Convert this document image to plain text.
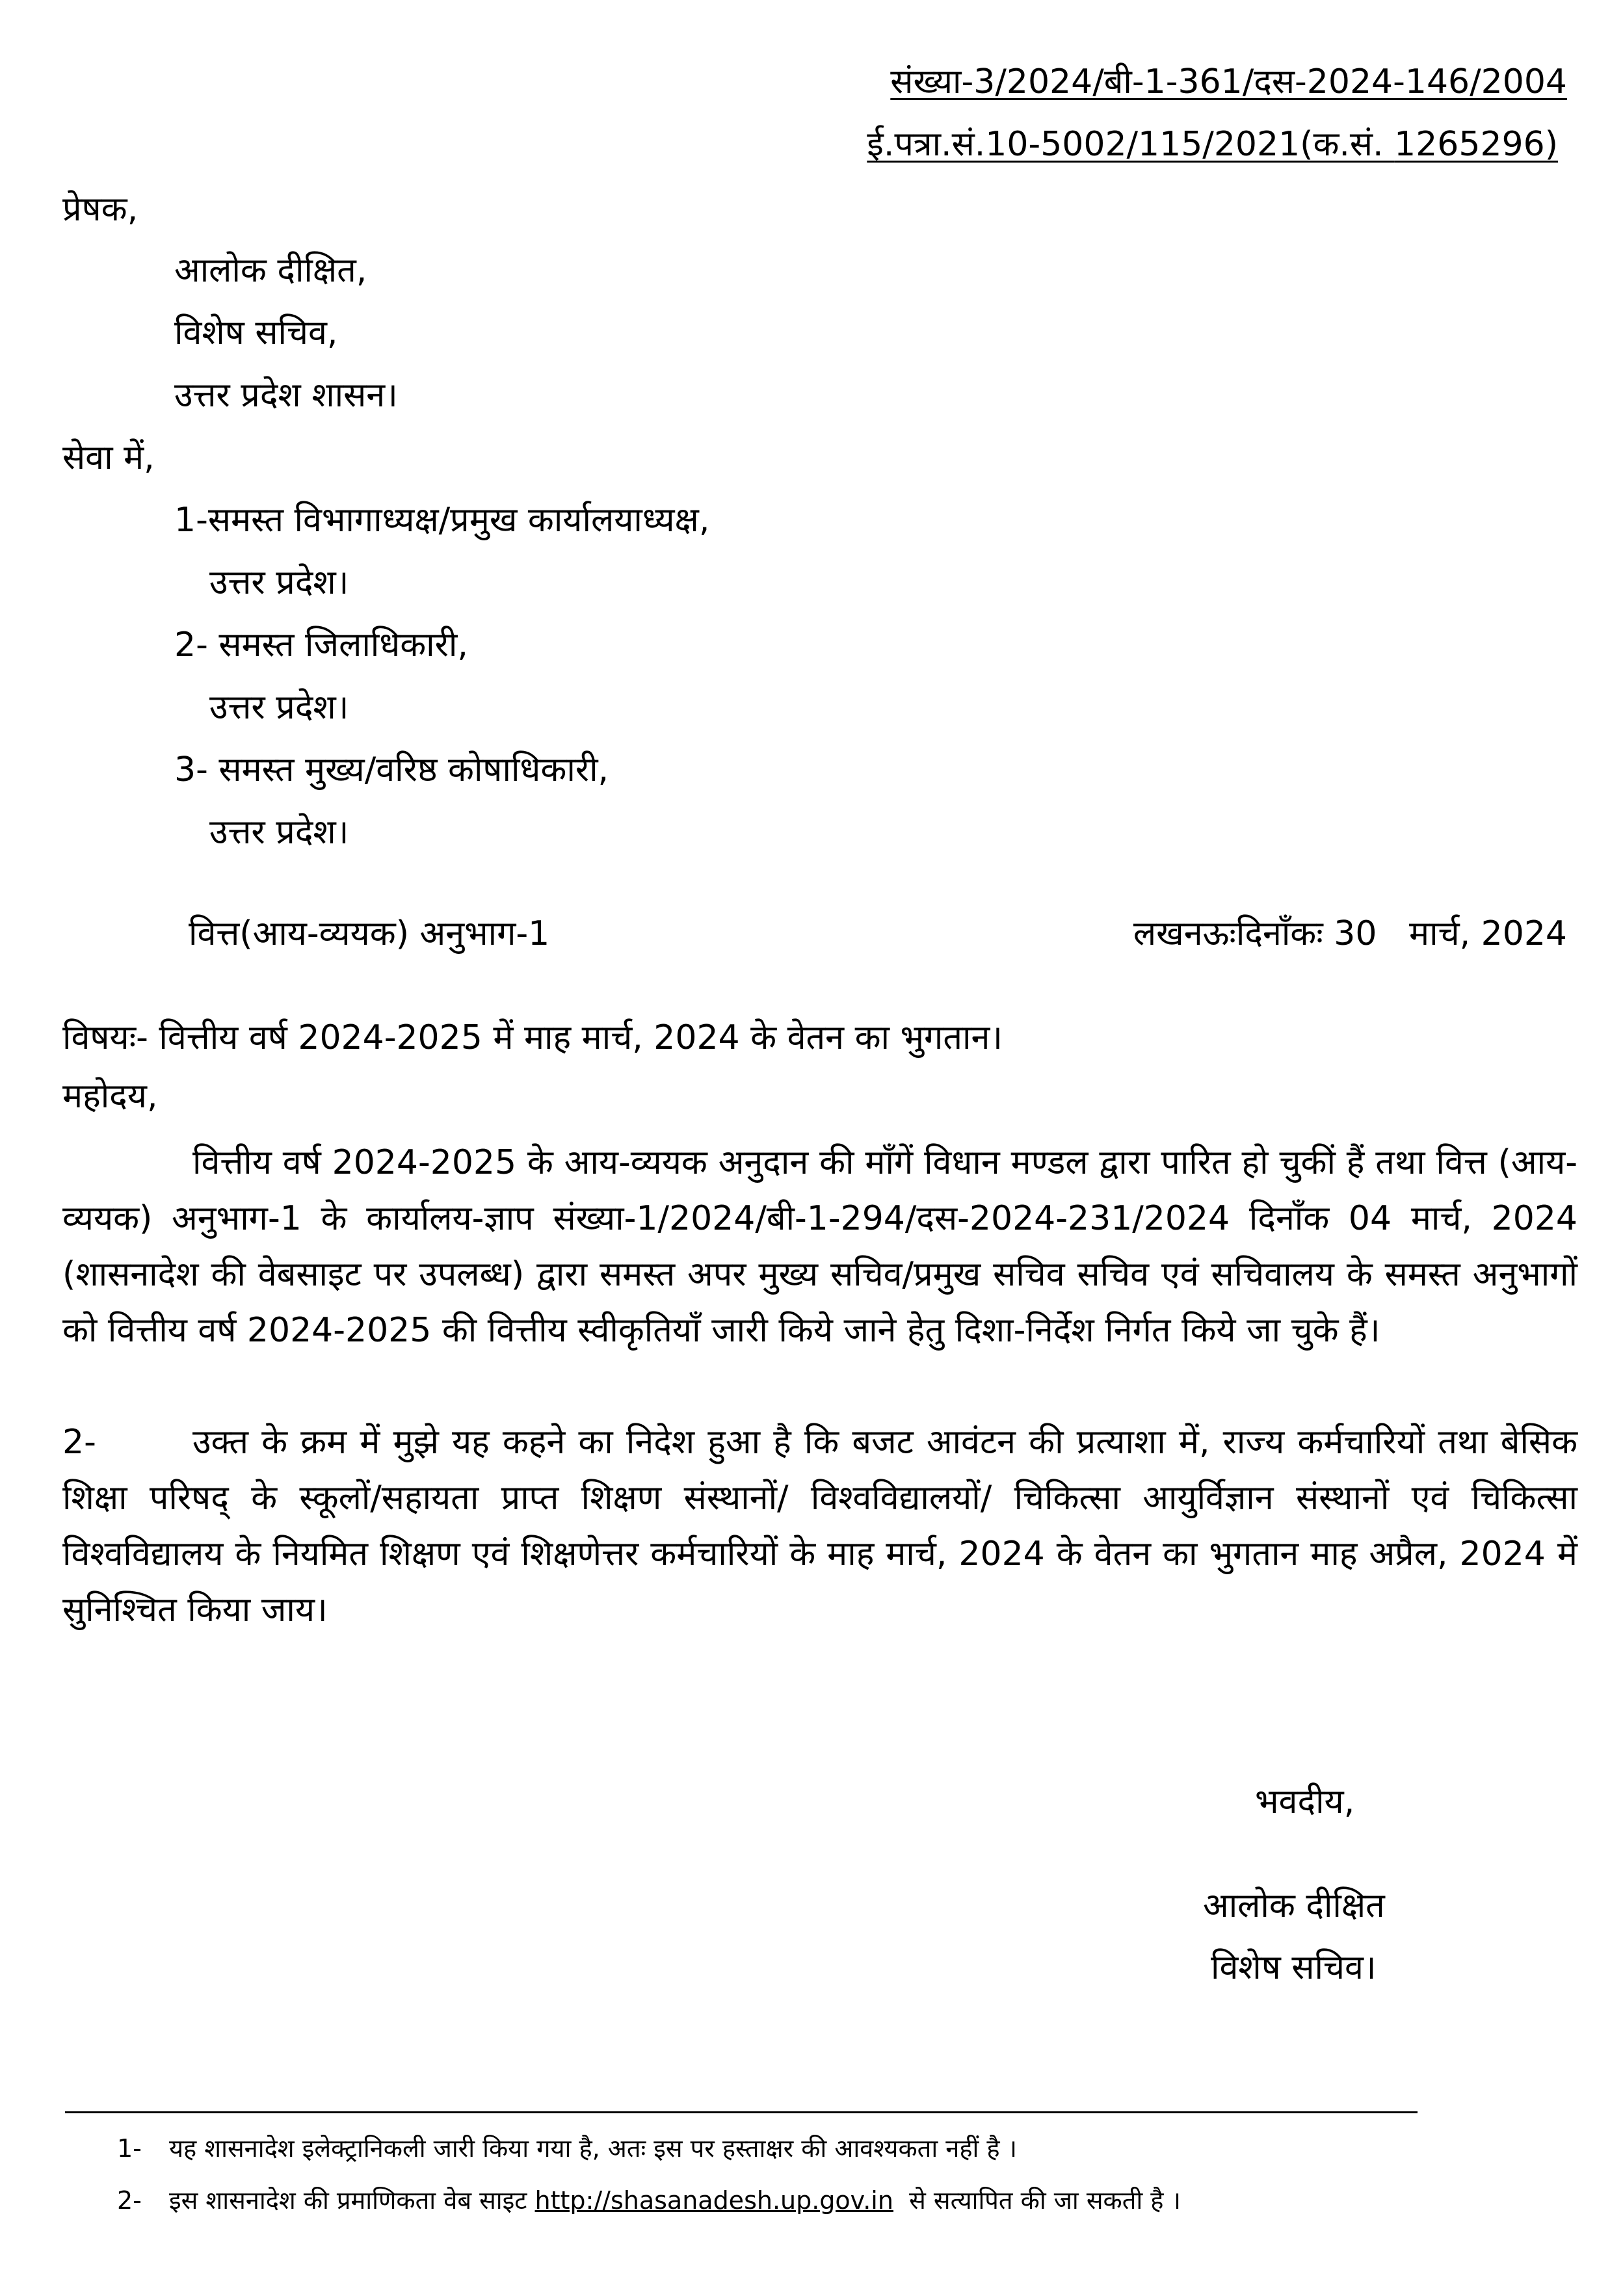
संख्या-3/2024/बी-1-361/दस-2024-146/2004
ई.पत्रा.सं.10-5002/115/2021(क.सं. 1265296)
प्रेषक,
आलोक दीक्षित,
विशेष सचिव,
उत्तर प्रदेश शासन।
सेवा में,
1-समस्त विभागाध्यक्ष/प्रमुख कार्यालयाध्यक्ष,
उत्तर प्रदेश।
2- समस्त जिलाधिकारी,
उत्तर प्रदेश।
3- समस्त मुख्य/वरिष्ठ कोषाधिकारी,
उत्तर प्रदेश।
वित्त(आय-व्ययक) अनुभाग-1	लखनऊःदिनाँकः 30   मार्च, 2024
विषयः- वित्तीय वर्ष 2024-2025 में माह मार्च, 2024 के वेतन का भुगतान।
महोदय,
वित्तीय वर्ष 2024-2025 के आय-व्ययक अनुदान की माँगें विधान मण्डल द्वारा पारित हो चुकीं हैं तथा वित्त (आय-व्ययक) अनुभाग-1 के कार्यालय-ज्ञाप संख्या-1/2024/बी-1-294/दस-2024-231/2024 दिनाँक 04 मार्च, 2024 (शासनादेश की वेबसाइट पर उपलब्ध) द्वारा समस्त अपर मुख्य सचिव/प्रमुख सचिव सचिव एवं सचिवालय के समस्त अनुभागों को वित्तीय वर्ष 2024-2025 की वित्तीय स्वीकृतियाँ जारी किये जाने हेतु दिशा-निर्देश निर्गत किये जा चुके हैं।
2-	उक्त के क्रम में मुझे यह कहने का निदेश हुआ है कि बजट आवंटन की प्रत्याशा में, राज्य कर्मचारियों तथा बेसिक शिक्षा परिषद् के स्कूलों/सहायता प्राप्त शिक्षण संस्थानों/ विश्वविद्यालयों/ चिकित्सा आयुर्विज्ञान संस्थानों एवं चिकित्सा विश्वविद्यालय के नियमित शिक्षण एवं शिक्षणेत्तर कर्मचारियों के माह मार्च, 2024 के वेतन का भुगतान माह अप्रैल, 2024 में सुनिश्चित किया जाय।
भवदीय,
आलोक दीक्षित
विशेष सचिव।
1- यह शासनादेश इलेक्ट्रानिकली जारी किया गया है, अतः इस पर हस्ताक्षर की आवश्यकता नहीं है ।
2- इस शासनादेश की प्रमाणिकता वेब साइट http://shasanadesh.up.gov.in  से सत्यापित की जा सकती है ।
